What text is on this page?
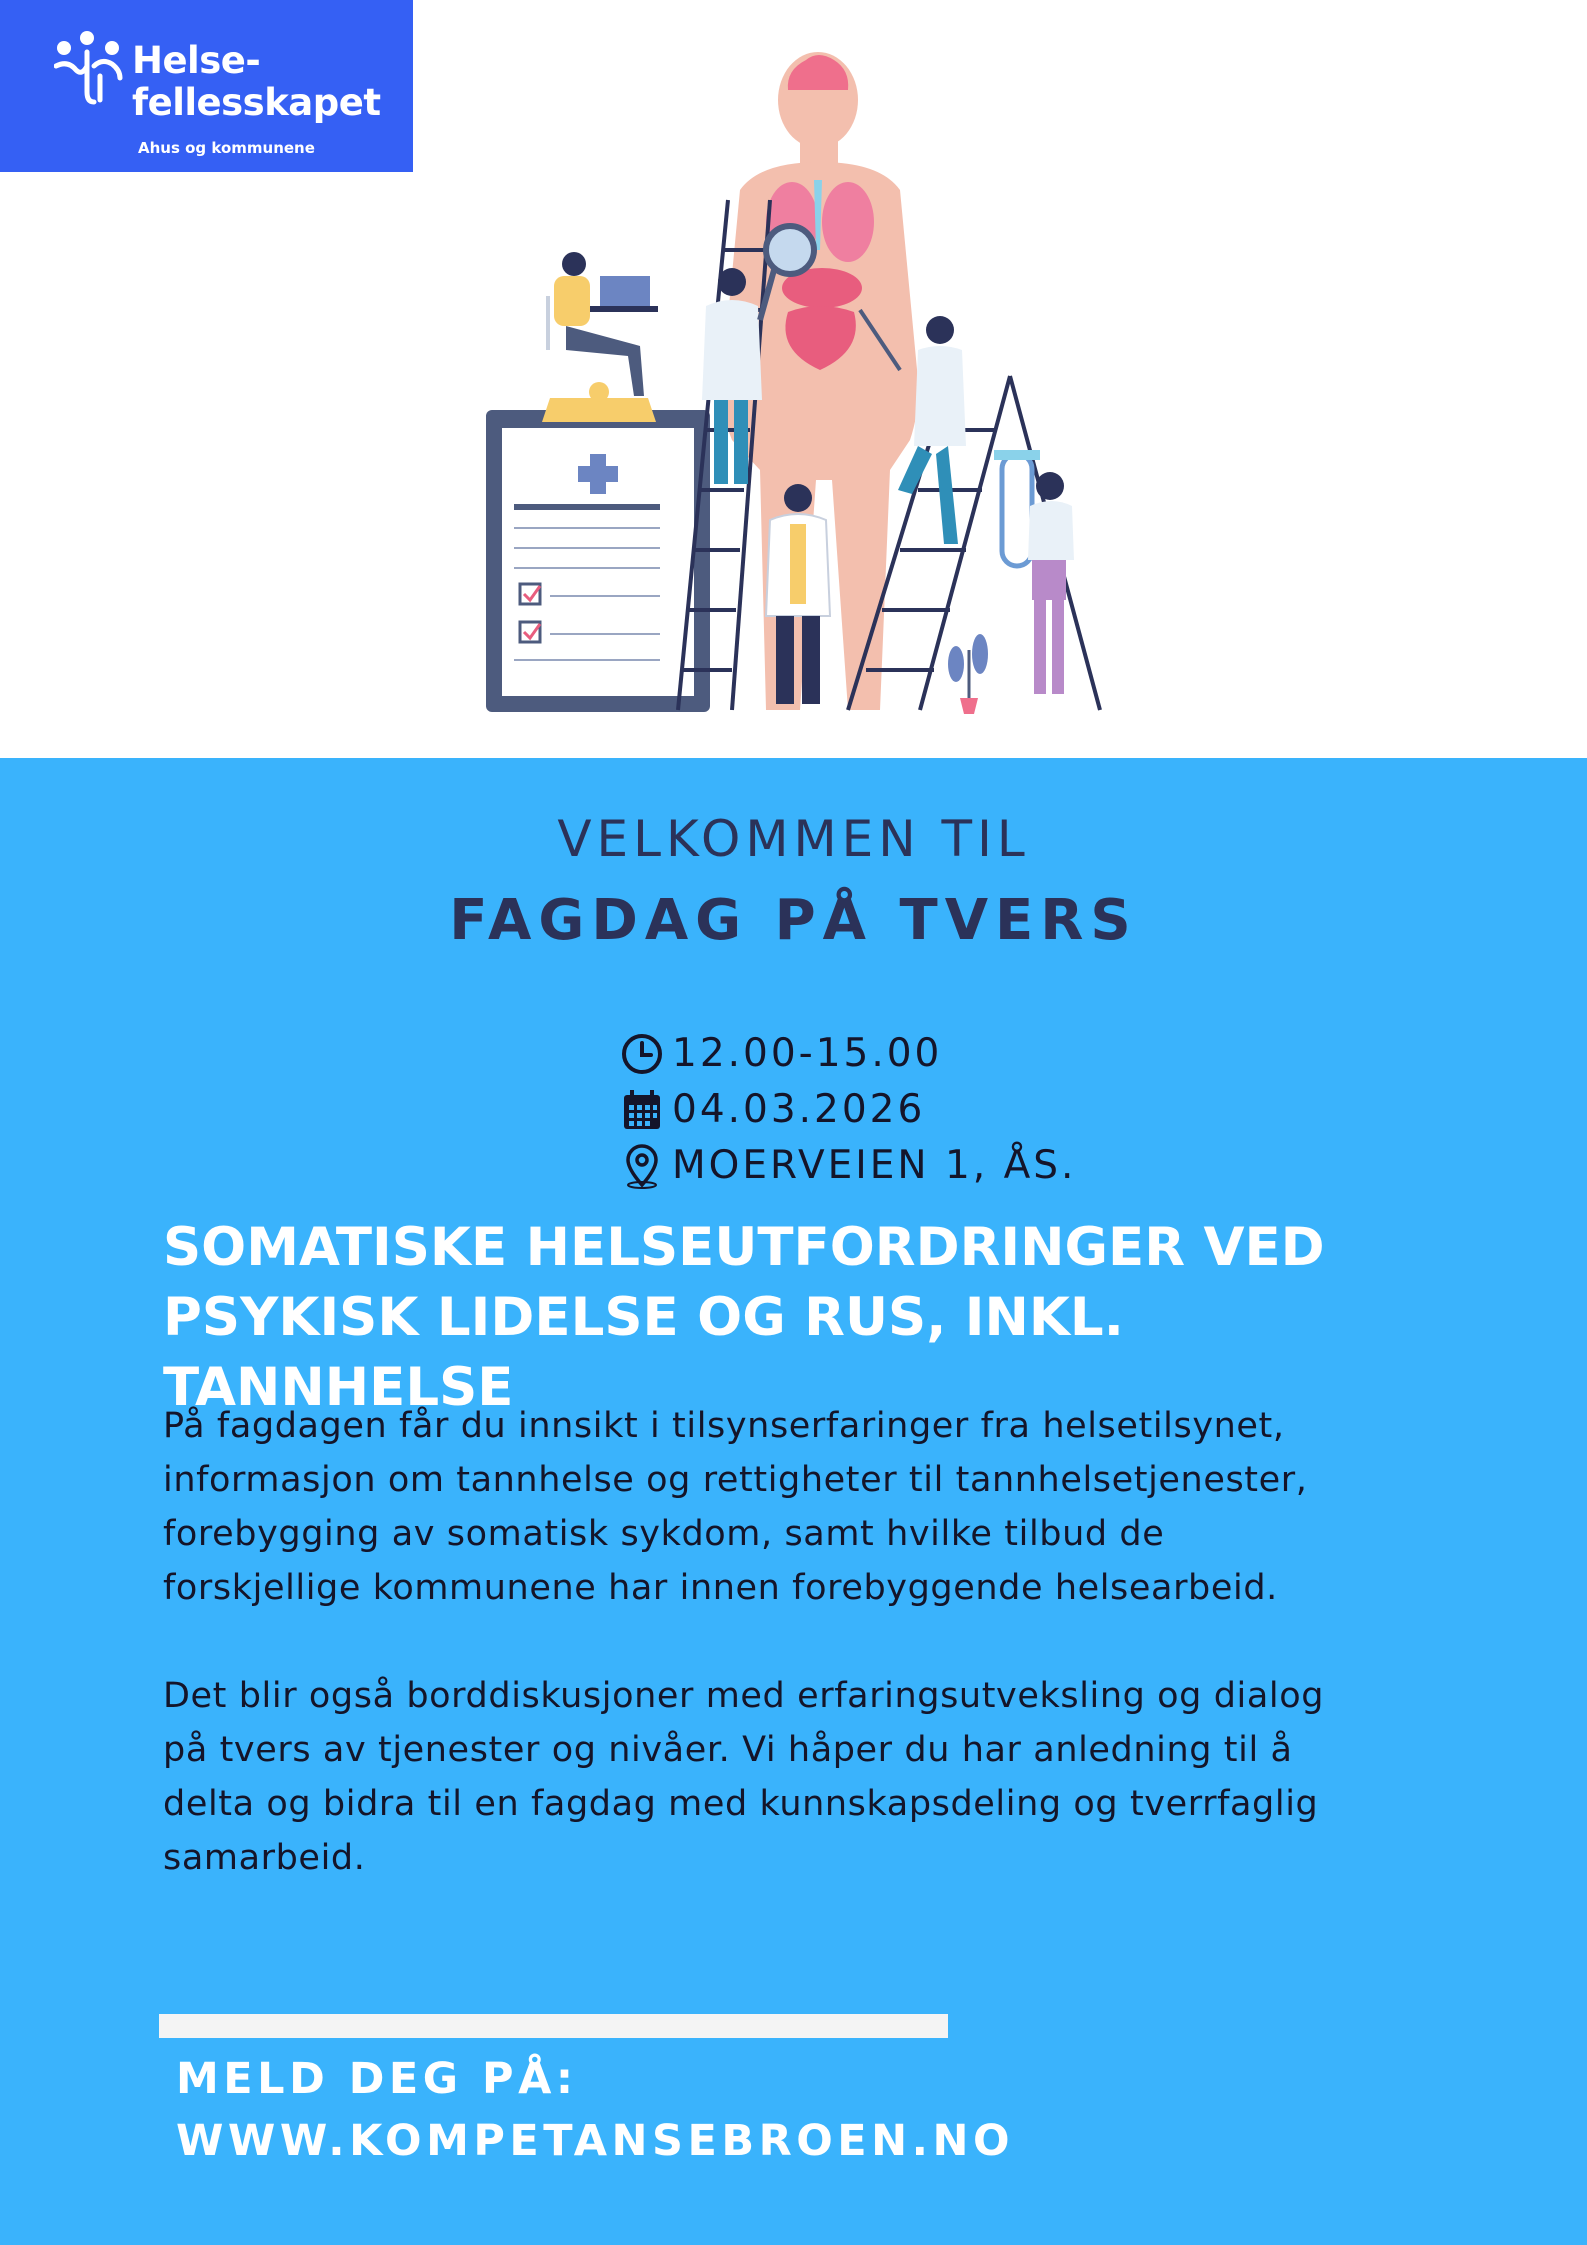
Helse-
fellesskapet
Ahus og kommunene
VELKOMMEN TIL
FAGDAG PÅ TVERS
12.00-15.00
04.03.2026
MOERVEIEN 1, ÅS.
SOMATISKE HELSEUTFORDRINGER VED
PSYKISK LIDELSE OG RUS, INKL. TANNHELSE
På fagdagen får du innsikt i tilsynserfaringer fra helsetilsynet,
informasjon om tannhelse og rettigheter til tannhelsetjenester,
forebygging av somatisk sykdom, samt hvilke tilbud de
forskjellige kommunene har innen forebyggende helsearbeid.
Det blir også borddiskusjoner med erfaringsutveksling og dialog
på tvers av tjenester og nivåer. Vi håper du har anledning til å
delta og bidra til en fagdag med kunnskapsdeling og tverrfaglig
samarbeid.
MELD DEG PÅ:
WWW.KOMPETANSEBROEN.NO
